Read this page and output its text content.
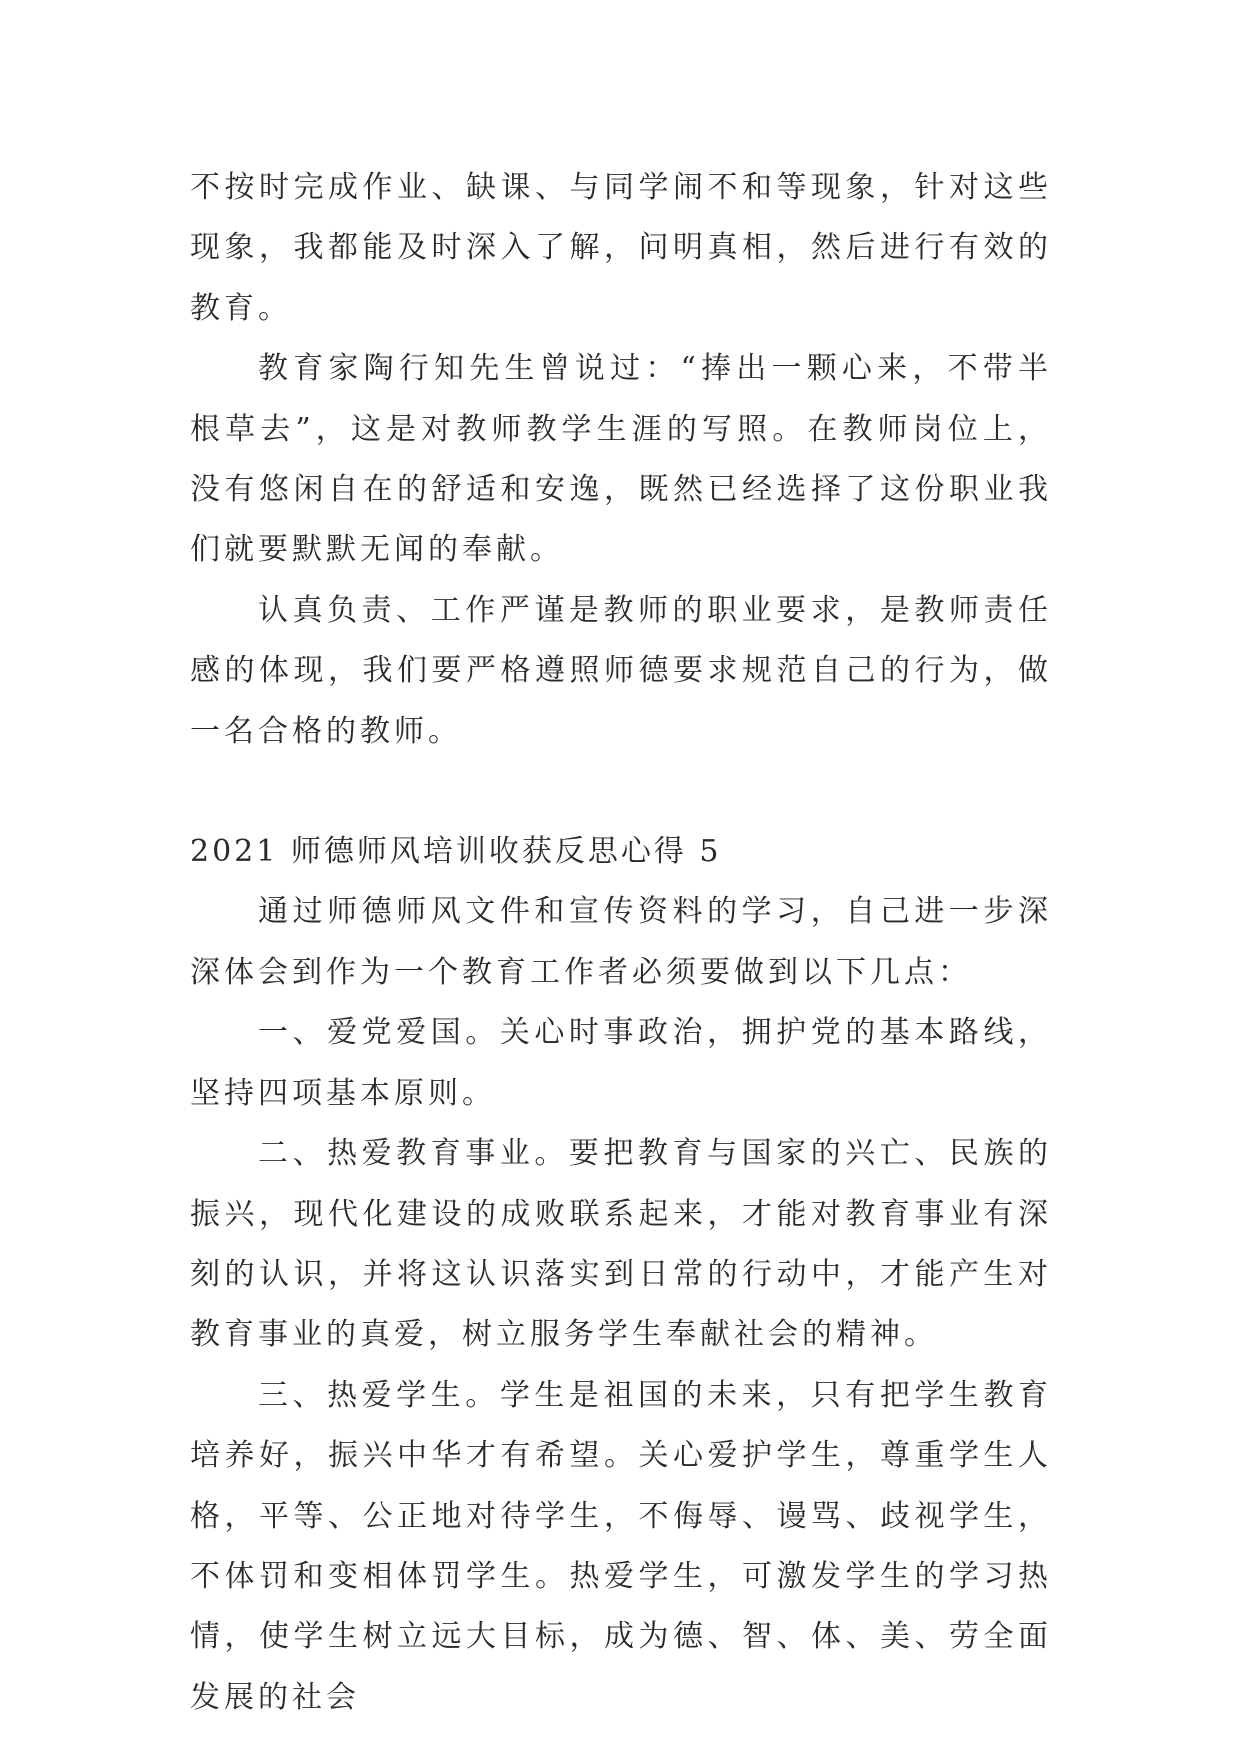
不按时完成作业、缺课、与同学闹不和等现象，针对这些现象，我都能及时深入了解，问明真相，然后进行有效的教育。

教育家陶行知先生曾说过：“捧出一颗心来，不带半根草去”，这是对教师教学生涯的写照。在教师岗位上，没有悠闲自在的舒适和安逸，既然已经选择了这份职业我们就要默默无闻的奉献。

认真负责、工作严谨是教师的职业要求，是教师责任感的体现，我们要严格遵照师德要求规范自己的行为，做一名合格的教师。

2021 师德师风培训收获反思心得 5

通过师德师风文件和宣传资料的学习，自己进一步深深体会到作为一个教育工作者必须要做到以下几点：

一、爱党爱国。关心时事政治，拥护党的基本路线，坚持四项基本原则。

二、热爱教育事业。要把教育与国家的兴亡、民族的振兴，现代化建设的成败联系起来，才能对教育事业有深刻的认识，并将这认识落实到日常的行动中，才能产生对教育事业的真爱，树立服务学生奉献社会的精神。

三、热爱学生。学生是祖国的未来，只有把学生教育培养好，振兴中华才有希望。关心爱护学生，尊重学生人格，平等、公正地对待学生，不侮辱、谩骂、歧视学生，不体罚和变相体罚学生。热爱学生，可激发学生的学习热情，使学生树立远大目标，成为德、智、体、美、劳全面发展的社会
